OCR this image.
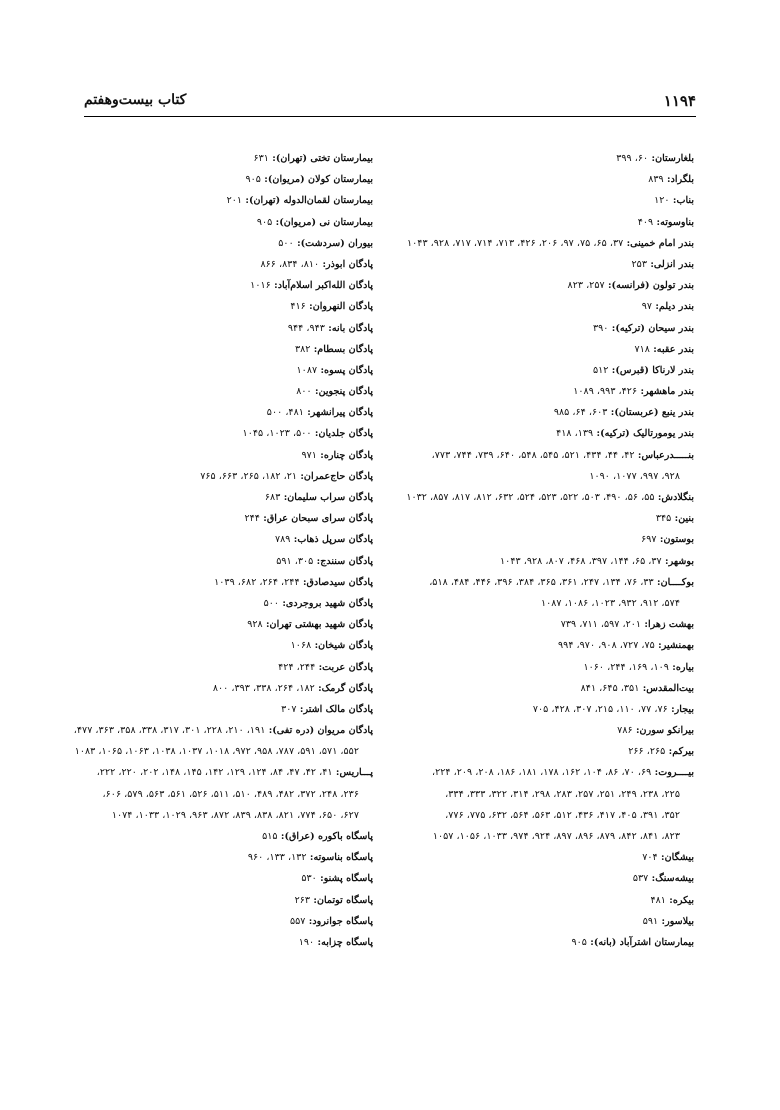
۱۱۹۴
کتاب بیست‌وهفتم
بلغارستان: ۶۰، ۳۹۹
بلگراد: ۸۳۹
بناب: ۱۲۰
بناوسوته: ۴۰۹
بندر امام خمینی: ۳۷، ۶۵، ۷۵، ۹۷، ۲۰۶، ۴۲۶، ۷۱۳، ۷۱۴، ۷۱۷، ۹۲۸، ۱۰۴۳
بندر انزلی: ۲۵۳
بندر تولون (فرانسه): ۲۵۷، ۸۲۳
بندر دیلم: ۹۷
بندر سیحان (ترکیه): ۳۹۰
بندر عقبه: ۷۱۸
بندر لارناکا (قبرس): ۵۱۲
بندر ماهشهر: ۴۲۶، ۹۹۳، ۱۰۸۹
بندر ینبع (عربستان): ۶۰۳، ۶۴، ۹۸۵
بندر یومورتالیک (ترکیه): ۱۳۹، ۴۱۸
بنـــــدرعباس: ۴۲، ۴۴، ۴۳۴، ۵۲۱، ۵۴۵، ۵۴۸، ۶۴۰، ۷۳۹، ۷۴۴، ۷۷۳،
۹۲۸، ۹۹۷، ۱۰۷۷، ۱۰۹۰
بنگلادش: ۵۵، ۵۶، ۴۹۰، ۵۰۳، ۵۲۲، ۵۲۳، ۵۲۴، ۶۳۲، ۸۱۲، ۸۱۷، ۸۵۷، ۱۰۳۲
بنین: ۳۴۵
بوستون: ۶۹۷
بوشهر: ۳۷، ۶۵، ۱۴۴، ۳۹۷، ۴۶۸، ۸۰۷، ۹۲۸، ۱۰۴۳
بوکــــان: ۳۳، ۷۶، ۱۳۴، ۲۴۷، ۳۶۱، ۳۶۵، ۳۸۴، ۳۹۶، ۴۴۶، ۴۸۴، ۵۱۸،
۵۷۴، ۹۱۲، ۹۳۲، ۱۰۲۳، ۱۰۸۶، ۱۰۸۷
بهشت زهرا: ۲۰۱، ۵۹۷، ۷۱۱، ۷۳۹
بهمنشیر: ۷۵، ۷۲۷، ۹۰۸، ۹۷۰، ۹۹۴
بیاره: ۱۰۹، ۱۶۹، ۲۴۴، ۱۰۶۰
بیت‌المقدس: ۳۵۱، ۶۴۵، ۸۴۱
بیجار: ۷۶، ۷۷، ۱۱۰، ۲۱۵، ۳۰۷، ۴۲۸، ۷۰۵
بیرانکو سورن: ۷۸۶
بیرکم: ۲۶۵، ۲۶۶
بیــــروت: ۶۹، ۷۰، ۸۶، ۱۰۴، ۱۶۲، ۱۷۸، ۱۸۱، ۱۸۶، ۲۰۸، ۲۰۹، ۲۲۴،
۲۲۵، ۲۳۸، ۲۴۹، ۲۵۱، ۲۵۷، ۲۸۳، ۲۹۸، ۳۱۴، ۳۲۲، ۳۳۳، ۳۳۴،
۳۵۲، ۳۹۱، ۴۰۵، ۴۱۷، ۴۳۶، ۵۱۲، ۵۶۳، ۵۶۴، ۶۳۲، ۷۷۵، ۷۷۶،
۸۲۳، ۸۴۱، ۸۴۲، ۸۷۹، ۸۹۶، ۸۹۷، ۹۲۴، ۹۷۴، ۱۰۳۳، ۱۰۵۶، ۱۰۵۷
بیشگان: ۷۰۴
بیشه‌سنگ: ۵۳۷
بیکره: ۴۸۱
بیلاسور: ۵۹۱
بیمارستان اشترآباد (بانه): ۹۰۵
بیمارستان تختی (تهران): ۶۳۱
بیمارستان کولان (مریوان): ۹۰۵
بیمارستان لقمان‌الدوله (تهران): ۲۰۱
بیمارستان نی (مریوان): ۹۰۵
بیوران (سردشت): ۵۰۰
پادگان ابوذر: ۸۱۰، ۸۳۴، ۸۶۶
پادگان الله‌اکبر اسلام‌آباد: ۱۰۱۶
پادگان النهروان: ۴۱۶
پادگان بانه: ۹۴۳، ۹۴۴
پادگان بسطام: ۳۸۲
پادگان پسوه: ۱۰۸۷
پادگان پنجوین: ۸۰۰
پادگان پیرانشهر: ۴۸۱، ۵۰۰
پادگان جلدیان: ۵۰۰، ۱۰۲۳، ۱۰۴۵
پادگان چناره: ۹۷۱
پادگان حاج‌عمران: ۲۱، ۱۸۲، ۲۶۵، ۶۶۳، ۷۶۵
پادگان سراب سلیمان: ۶۸۳
پادگان سرای سبحان عراق: ۲۴۴
پادگان سرپل ذهاب: ۷۸۹
پادگان سنندج: ۳۰۵، ۵۹۱
پادگان سیدصادق: ۲۴۴، ۲۶۴، ۶۸۲، ۱۰۳۹
پادگان شهید بروجردی: ۵۰۰
پادگان شهید بهشتی تهران: ۹۲۸
پادگان شیخان: ۱۰۶۸
پادگان عربت: ۲۴۴، ۴۲۴
پادگان گرمک: ۱۸۲، ۲۶۴، ۳۳۸، ۳۹۳، ۸۰۰
پادگان مالک اشتر: ۳۰۷
پادگان مریوان (دره تفی): ۱۹۱، ۲۱۰، ۲۲۸، ۳۰۱، ۳۱۷، ۳۳۸، ۳۵۸، ۳۶۳، ۴۷۷،
۵۵۲، ۵۷۱، ۵۹۱، ۷۸۷، ۹۵۸، ۹۷۲، ۱۰۱۸، ۱۰۳۷، ۱۰۳۸، ۱۰۶۳، ۱۰۶۵، ۱۰۸۳
پـــاریس: ۴۱، ۴۲، ۴۷، ۸۴، ۱۲۴، ۱۲۹، ۱۴۲، ۱۴۵، ۱۴۸، ۲۰۲، ۲۲۰، ۲۲۲،
۲۳۶، ۲۴۸، ۳۷۲، ۴۸۲، ۴۸۹، ۵۱۰، ۵۱۱، ۵۲۶، ۵۶۱، ۵۶۳، ۵۷۹، ۶۰۶،
۶۲۷، ۶۵۰، ۷۷۴، ۸۲۱، ۸۳۸، ۸۳۹، ۸۷۲، ۹۶۳، ۱۰۲۹، ۱۰۳۳، ۱۰۷۴
پاسگاه باکوره (عراق): ۵۱۵
پاسگاه بناسوته: ۱۳۲، ۱۳۳، ۹۶۰
پاسگاه پشنو: ۵۳۰
پاسگاه توتمان: ۲۶۳
پاسگاه جوانرود: ۵۵۷
پاسگاه چزابه: ۱۹۰
